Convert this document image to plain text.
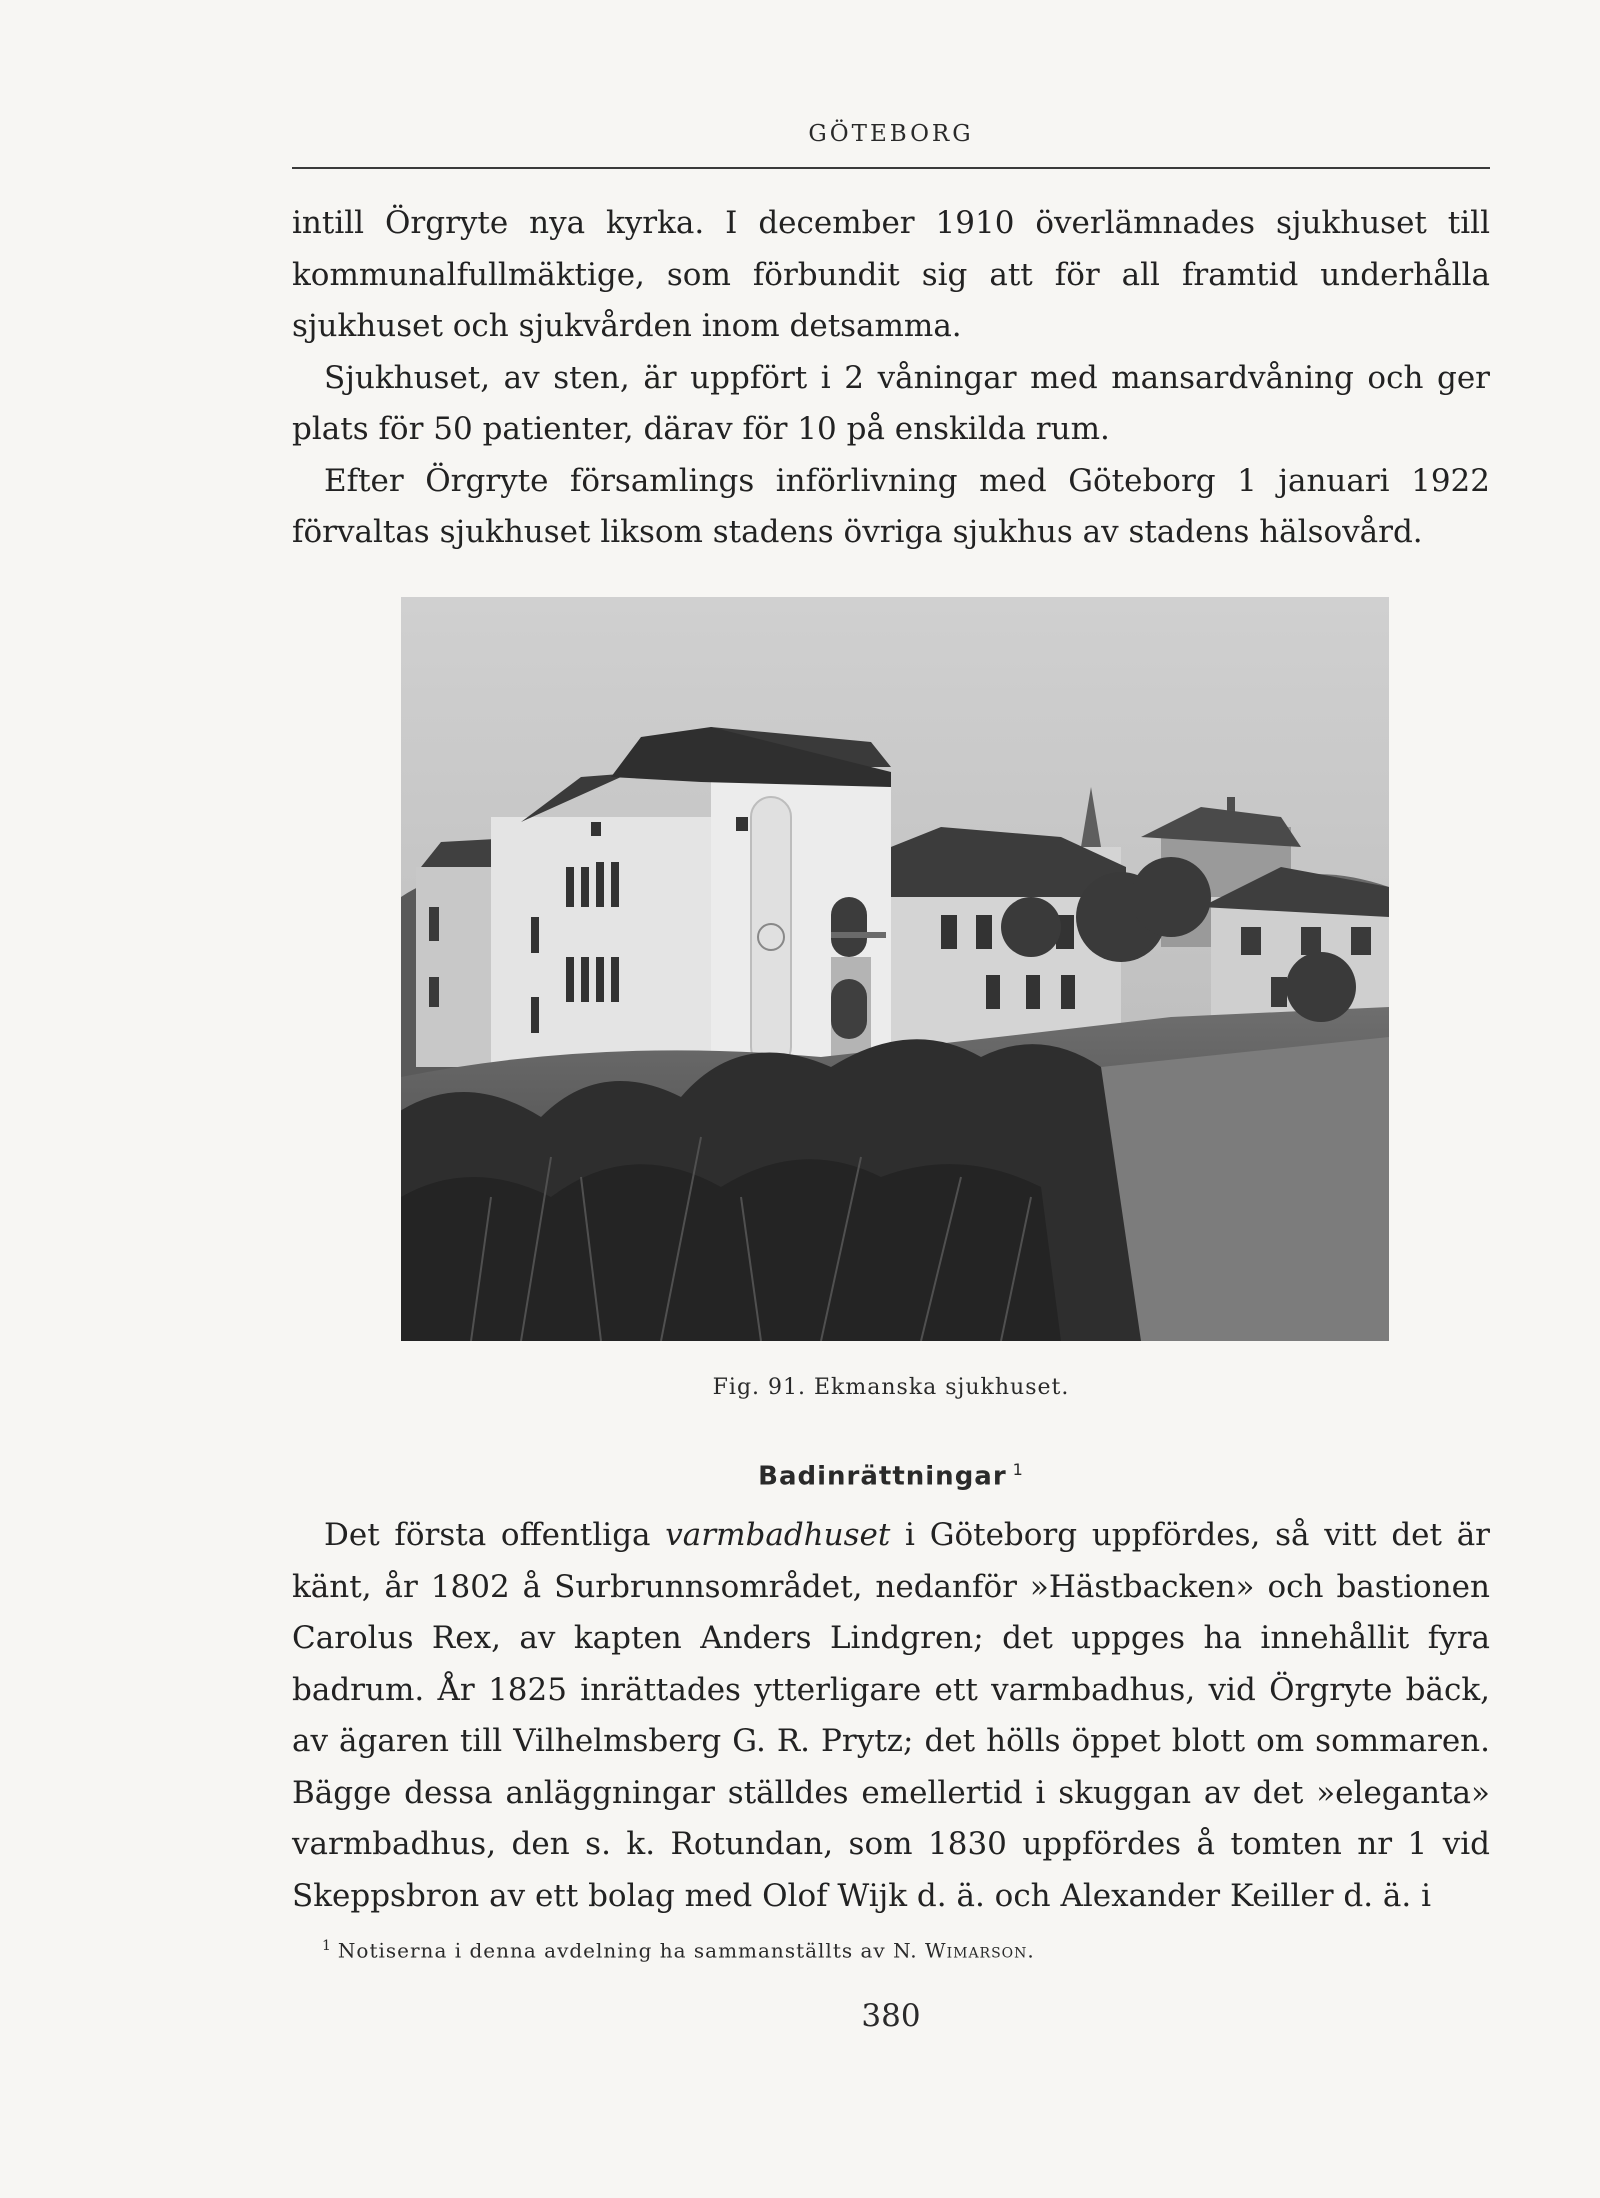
GÖTEBORG

intill Örgryte nya kyrka. I december 1910 överlämnades sjukhuset till kommunalfullmäktige, som förbundit sig att för all framtid underhålla sjukhuset och sjukvården inom detsamma.

Sjukhuset, av sten, är uppfört i 2 våningar med mansardvåning och ger plats för 50 patienter, därav för 10 på enskilda rum.

Efter Örgryte församlings införlivning med Göteborg 1 januari 1922 förvaltas sjukhuset liksom stadens övriga sjukhus av stadens hälsovård.

Fig. 91. Ekmanska sjukhuset.
Badinrättningar $^1$

Det första offentliga varmbadhuset i Göteborg uppfördes, så vitt det är känt, år 1802 å Surbrunnsområdet, nedanför »Hästbacken» och bastionen Carolus Rex, av kapten Anders Lindgren; det uppges ha innehållit fyra badrum. År 1825 inrättades ytterligare ett varmbadhus, vid Örgryte bäck, av ägaren till Vilhelmsberg G. R. Prytz; det hölls öppet blott om sommaren. Bägge dessa anläggningar ställdes emellertid i skuggan av det »eleganta» varmbadhus, den s. k. Rotundan, som 1830 uppfördes å tomten nr 1 vid Skeppsbron av ett bolag med Olof Wijk d. ä. och Alexander Keiller d. ä. i

$^1$ Notiserna i denna avdelning ha sammanställts av N. Wimarson.
380
